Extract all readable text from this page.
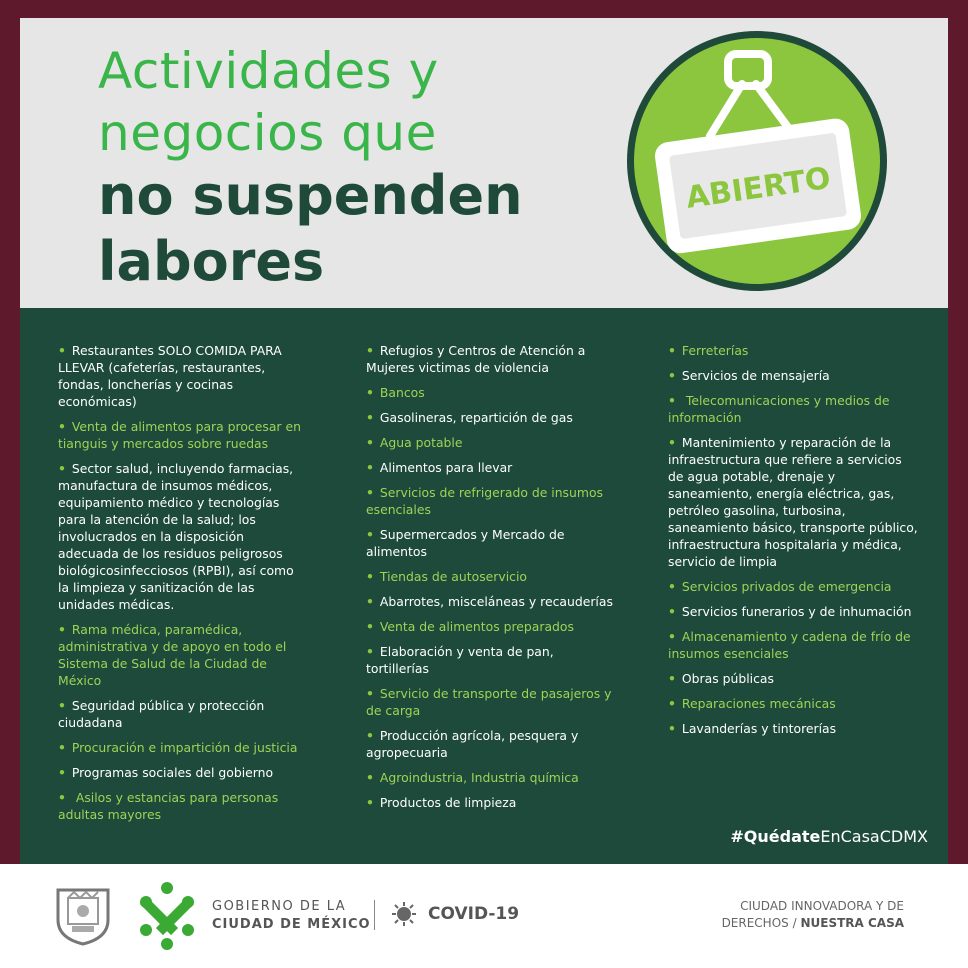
Actividades y
negocios que
no suspenden
labores
ABIERTO
• Restaurantes SOLO COMIDA PARA LLEVAR (cafeterías, restaurantes, fondas, loncherías y cocinas económicas)
• Venta de alimentos para procesar en tianguis y mercados sobre ruedas
• Sector salud, incluyendo farmacias, manufactura de insumos médicos, equipamiento médico y tecnologías para la atención de la salud; los involucrados en la disposición adecuada de los residuos peligrosos biológicosinfecciosos (RPBI), así como la limpieza y sanitización de las unidades médicas.
• Rama médica, paramédica, administrativa y de apoyo en todo el Sistema de Salud de la Ciudad de México
• Seguridad pública y protección ciudadana
• Procuración e impartición de justicia
• Programas sociales del gobierno
• Asilos y estancias para personas adultas mayores
• Refugios y Centros de Atención a Mujeres victimas de violencia
• Bancos
• Gasolineras, repartición de gas
• Agua potable
• Alimentos para llevar
• Servicios de refrigerado de insumos esenciales
• Supermercados y Mercado de alimentos
• Tiendas de autoservicio
• Abarrotes, misceláneas y recauderías
• Venta de alimentos preparados
• Elaboración y venta de pan, tortillerías
• Servicio de transporte de pasajeros y de carga
• Producción agrícola, pesquera y agropecuaria
• Agroindustria, Industria química
• Productos de limpieza
• Ferreterías
• Servicios de mensajería
• Telecomunicaciones y medios de información
• Mantenimiento y reparación de la infraestructura que refiere a servicios de agua potable, drenaje y saneamiento, energía eléctrica, gas, petróleo gasolina, turbosina, saneamiento básico, transporte público, infraestructura hospitalaria y médica, servicio de limpia
• Servicios privados de emergencia
• Servicios funerarios y de inhumación
• Almacenamiento y cadena de frío de insumos esenciales
• Obras públicas
• Reparaciones mecánicas
• Lavanderías y tintorerías
#QuédateEnCasaCDMX
GOBIERNO DE LA
CIUDAD DE MÉXICO
COVID-19	CIUDAD INNOVADORA Y DE
DERECHOS / NUESTRA CASA
